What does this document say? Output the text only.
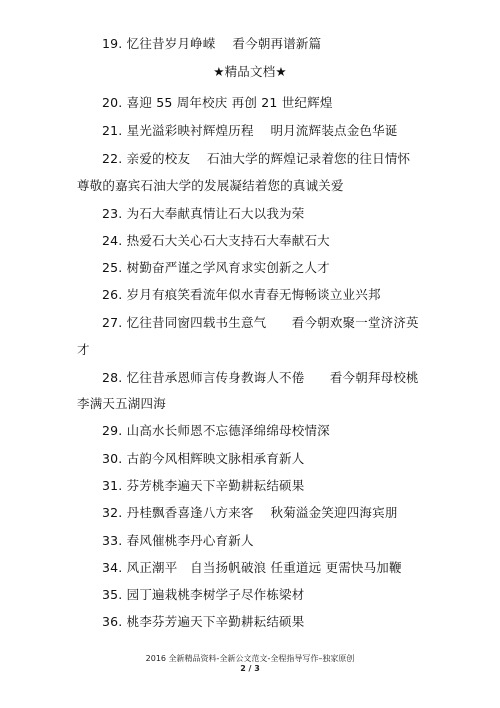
19. 忆往昔岁月峥嵘　 看今朝再谱新篇
★精品文档★
20. 喜迎 55 周年校庆 再创 21 世纪辉煌
21. 星光溢彩映衬辉煌历程　 明月流辉装点金色华诞
22. 亲爱的校友　 石油大学的辉煌记录着您的往日情怀
尊敬的嘉宾石油大学的发展凝结着您的真诚关爱
23. 为石大奉献真情让石大以我为荣
24. 热爱石大关心石大支持石大奉献石大
25. 树勤奋严谨之学风育求实创新之人才
26. 岁月有痕笑看流年似水青春无悔畅谈立业兴邦
27. 忆往昔同窗四载书生意气　　看今朝欢聚一堂济济英
才
28. 忆往昔承恩师言传身教诲人不倦　　看今朝拜母校桃
李满天五湖四海
29. 山高水长师恩不忘德泽绵绵母校情深
30. 古韵今风相辉映文脉相承育新人
31. 芬芳桃李遍天下辛勤耕耘结硕果
32. 丹桂飘香喜逢八方来客　 秋菊溢金笑迎四海宾朋
33. 春风催桃李丹心育新人
34. 风正潮平　自当扬帆破浪 任重道远 更需快马加鞭
35. 园丁遍栽桃李树学子尽作栋梁材
36. 桃李芬芳遍天下辛勤耕耘结硕果
2016 全新精品资料-全新公文范文-全程指导写作–独家原创
2 / 3
